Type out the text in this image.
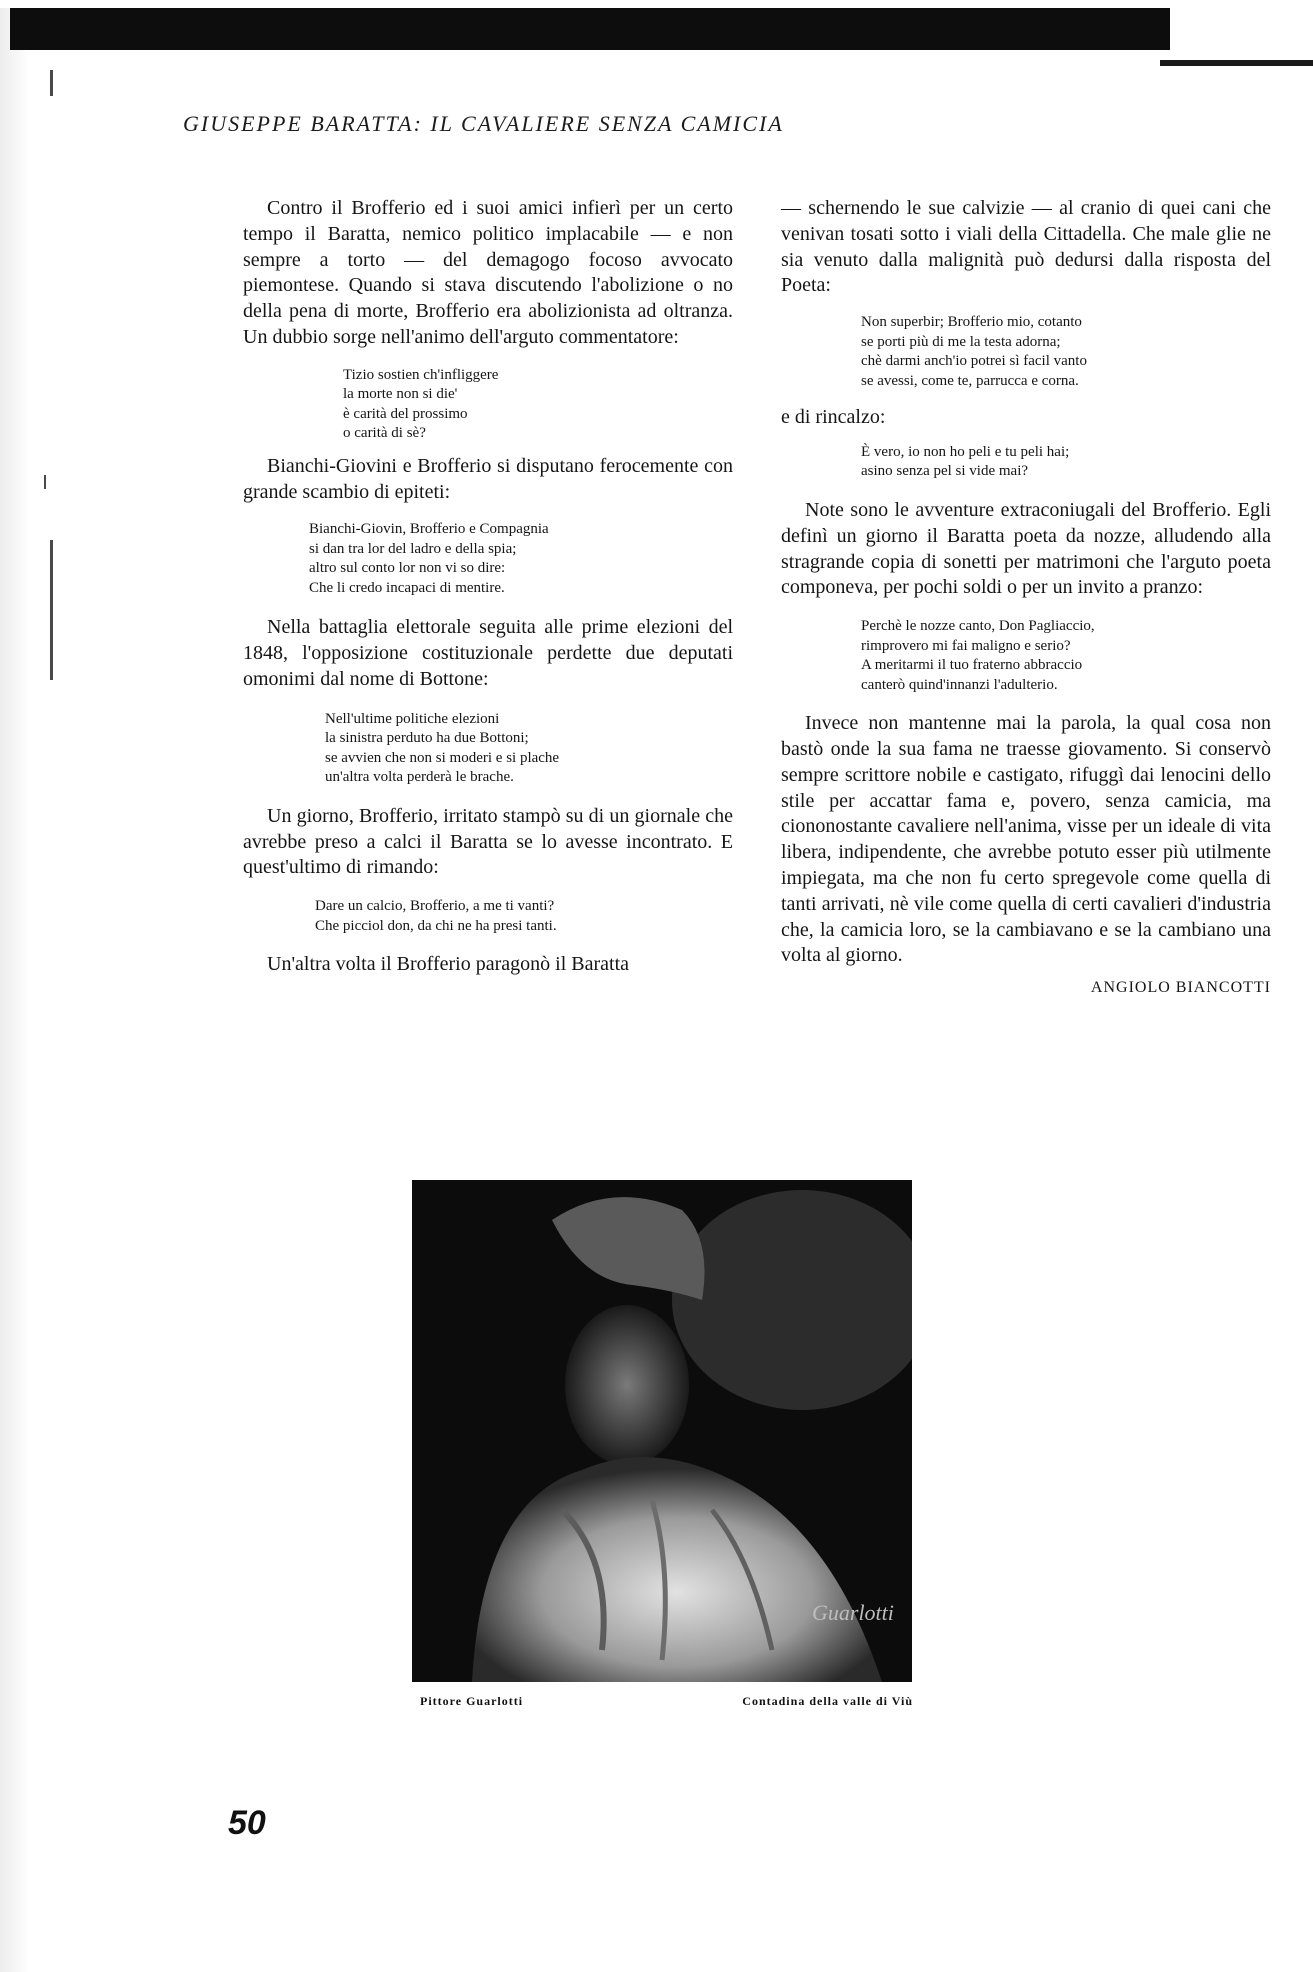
GIUSEPPE BARATTA: IL CAVALIERE SENZA CAMICIA

Contro il Brofferio ed i suoi amici infierì per un certo tempo il Baratta, nemico politico implacabile — e non sempre a torto — del demagogo focoso avvocato piemontese. Quando si stava discutendo l'abolizione o no della pena di morte, Brofferio era abolizionista ad oltranza. Un dubbio sorge nell'animo dell'arguto commentatore:

Tizio sostien ch'infliggere
la morte non si die'
è carità del prossimo
o carità di sè?

Bianchi-Giovini e Brofferio si disputano ferocemente con grande scambio di epiteti:

Bianchi-Giovin, Brofferio e Compagnia
si dan tra lor del ladro e della spia;
altro sul conto lor non vi so dire:
Che li credo incapaci di mentire.

Nella battaglia elettorale seguita alle prime elezioni del 1848, l'opposizione costituzionale perdette due deputati omonimi dal nome di Bottone:

Nell'ultime politiche elezioni
la sinistra perduto ha due Bottoni;
se avvien che non si moderi e si plache
un'altra volta perderà le brache.

Un giorno, Brofferio, irritato stampò su di un giornale che avrebbe preso a calci il Baratta se lo avesse incontrato. E quest'ultimo di rimando:

Dare un calcio, Brofferio, a me ti vanti?
Che picciol don, da chi ne ha presi tanti.

Un'altra volta il Brofferio paragonò il Baratta

— schernendo le sue calvizie — al cranio di quei cani che venivan tosati sotto i viali della Cittadella. Che male glie ne sia venuto dalla malignità può dedursi dalla risposta del Poeta:

Non superbir; Brofferio mio, cotanto
se porti più di me la testa adorna;
chè darmi anch'io potrei sì facil vanto
se avessi, come te, parrucca e corna.

e di rincalzo:

È vero, io non ho peli e tu peli hai;
asino senza pel si vide mai?

Note sono le avventure extraconiugali del Brofferio. Egli definì un giorno il Baratta poeta da nozze, alludendo alla stragrande copia di sonetti per matrimoni che l'arguto poeta componeva, per pochi soldi o per un invito a pranzo:

Perchè le nozze canto, Don Pagliaccio,
rimprovero mi fai maligno e serio?
A meritarmi il tuo fraterno abbraccio
canterò quind'innanzi l'adulterio.

Invece non mantenne mai la parola, la qual cosa non bastò onde la sua fama ne traesse giovamento. Si conservò sempre scrittore nobile e castigato, rifuggì dai lenocini dello stile per accattar fama e, povero, senza camicia, ma ciononostante cavaliere nell'anima, visse per un ideale di vita libera, indipendente, che avrebbe potuto esser più utilmente impiegata, ma che non fu certo spregevole come quella di tanti arrivati, nè vile come quella di certi cavalieri d'industria che, la camicia loro, se la cambiavano e se la cambiano una volta al giorno.

ANGIOLO BIANCOTTI
Guarlotti
Pittore Guarlotti	Contadina della valle di Viù

50
